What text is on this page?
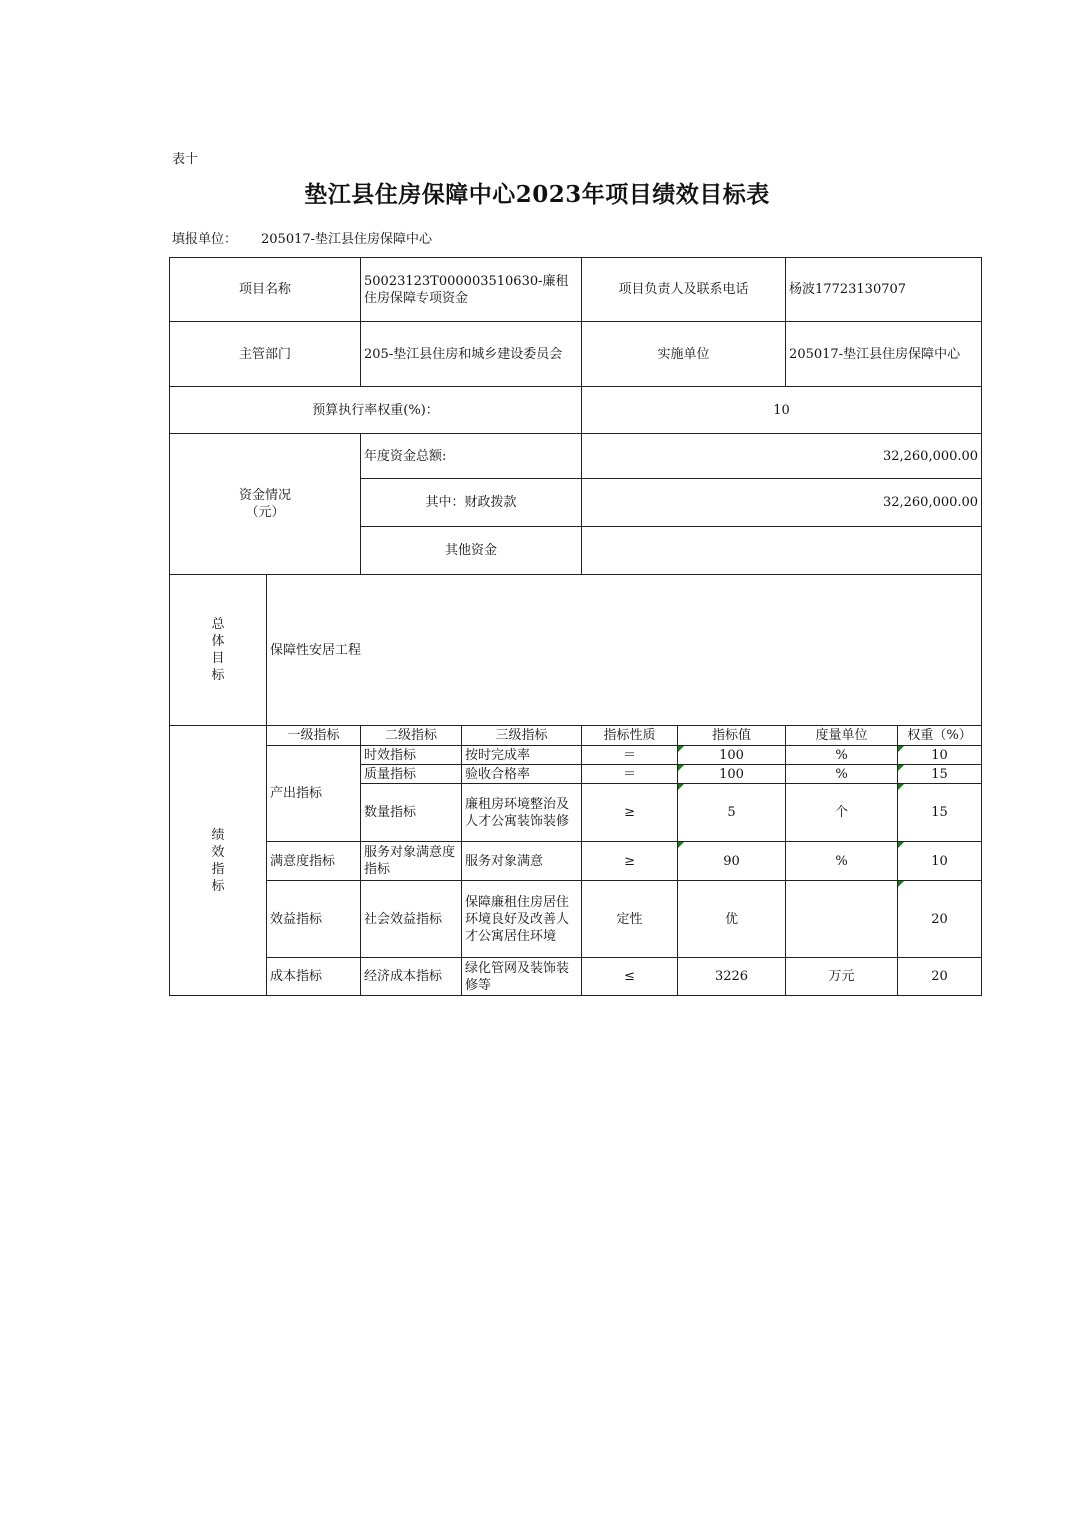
表十
垫江县住房保障中心2023年项目绩效目标表
填报单位： 205017-垫江县住房保障中心
项目名称		50023123T000003510630-廉租住房保障专项资金		项目负责人及联系电话		杨波17723130707	
主管部门		205-垫江县住房和城乡建设委员会		实施单位		205017-垫江县住房保障中心	
预算执行率权重(%)：				10			
资金情况（元）		年度资金总额:		32,260,000.00			
		其中：财政拨款		32,260,000.00			
		其他资金					
总体目标	保障性安居工程						
绩效指标	一级指标	二级指标	三级指标	指标性质	指标值	度量单位	权重（%）
	产出指标	时效指标	按时完成率	＝	100	%	10
		质量指标	验收合格率	＝	100	%	15
		数量指标	廉租房环境整治及人才公寓装饰装修	≥	5	个	15
	满意度指标	服务对象满意度指标	服务对象满意	≥	90	%	10
	效益指标	社会效益指标	保障廉租住房居住环境良好及改善人才公寓居住环境	定性	优		20
	成本指标	经济成本指标	绿化管网及装饰装修等	≤	3226	万元	20
